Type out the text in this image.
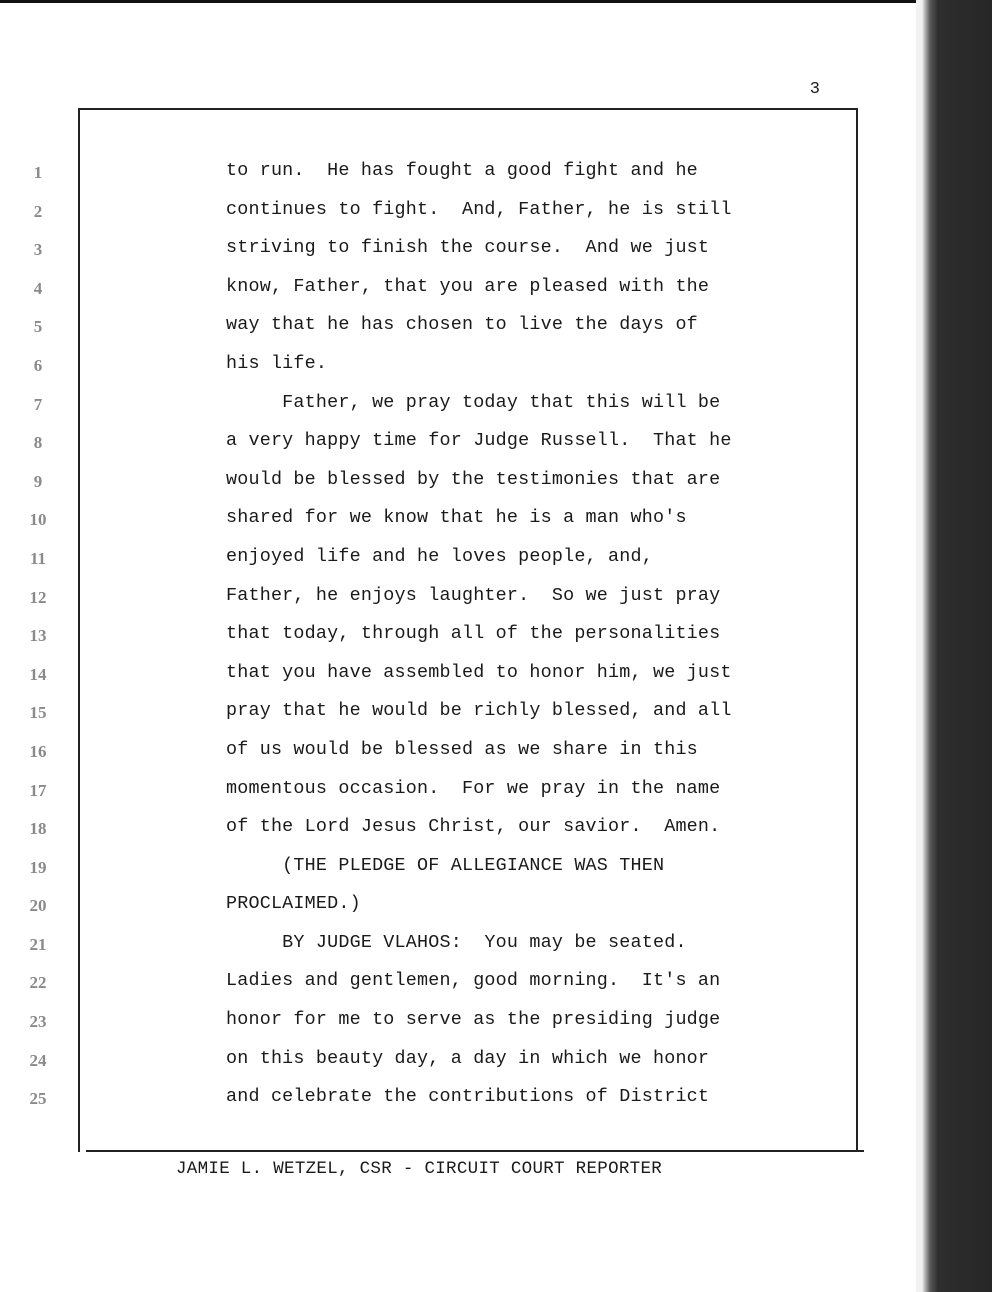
3
1
2
3
4
5
6
7
8
9
10
11
12
13
14
15
16
17
18
19
20
21
22
23
24
25
to run.  He has fought a good fight and he
continues to fight.  And, Father, he is still
striving to finish the course.  And we just
know, Father, that you are pleased with the
way that he has chosen to live the days of
his life.
Father, we pray today that this will be
a very happy time for Judge Russell.  That he
would be blessed by the testimonies that are
shared for we know that he is a man who's
enjoyed life and he loves people, and,
Father, he enjoys laughter.  So we just pray
that today, through all of the personalities
that you have assembled to honor him, we just
pray that he would be richly blessed, and all
of us would be blessed as we share in this
momentous occasion.  For we pray in the name
of the Lord Jesus Christ, our savior.  Amen.
(THE PLEDGE OF ALLEGIANCE WAS THEN
PROCLAIMED.)
BY JUDGE VLAHOS:  You may be seated.
Ladies and gentlemen, good morning.  It's an
honor for me to serve as the presiding judge
on this beauty day, a day in which we honor
and celebrate the contributions of District
JAMIE L. WETZEL, CSR - CIRCUIT COURT REPORTER
